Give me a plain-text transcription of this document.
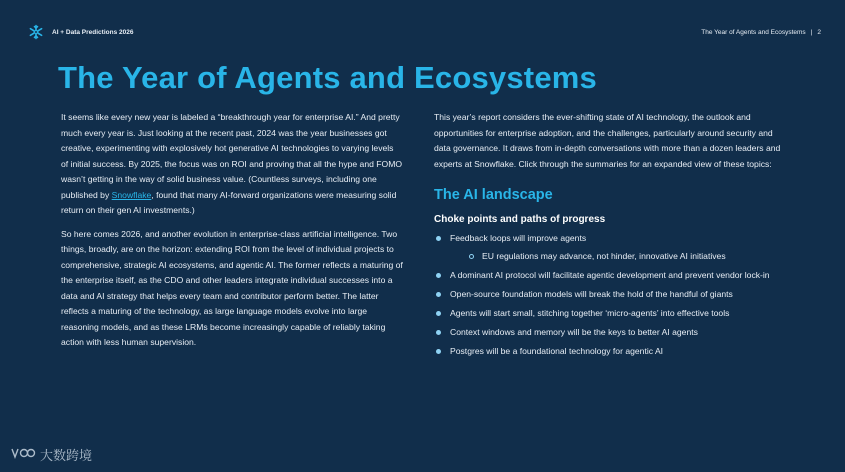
AI + Data Predictions 2026	The Year of Agents and Ecosystems | 2
The Year of Agents and Ecosystems

It seems like every new year is labeled a “breakthrough year for enterprise AI.” And pretty much every year is. Just looking at the recent past, 2024 was the year businesses got creative, experimenting with explosively hot generative AI technologies to varying levels of initial success. By 2025, the focus was on ROI and proving that all the hype and FOMO wasn’t getting in the way of solid business value. (Countless surveys, including one published by Snowflake, found that many AI-forward organizations were measuring solid return on their gen AI investments.)

So here comes 2026, and another evolution in enterprise-class artificial intelligence. Two things, broadly, are on the horizon: extending ROI from the level of individual projects to comprehensive, strategic AI ecosystems, and agentic AI. The former reflects a maturing of the enterprise itself, as the CDO and other leaders integrate individual successes into a data and AI strategy that helps every team and contributor perform better. The latter reflects a maturing of the technology, as large language models evolve into large reasoning models, and as these LRMs become increasingly capable of reliably taking action with less human supervision.

This year’s report considers the ever-shifting state of AI technology, the outlook and opportunities for enterprise adoption, and the challenges, particularly around security and data governance. It draws from in-depth conversations with more than a dozen leaders and experts at Snowflake. Click through the summaries for an expanded view of these topics:

The AI landscape
Choke points and paths of progress
Feedback loops will improve agents
EU regulations may advance, not hinder, innovative AI initiatives
A dominant AI protocol will facilitate agentic development and prevent vendor lock-in
Open-source foundation models will break the hold of the handful of giants
Agents will start small, stitching together ‘micro-agents’ into effective tools
Context windows and memory will be the keys to better AI agents
Postgres will be a foundational technology for agentic AI
大数跨境
